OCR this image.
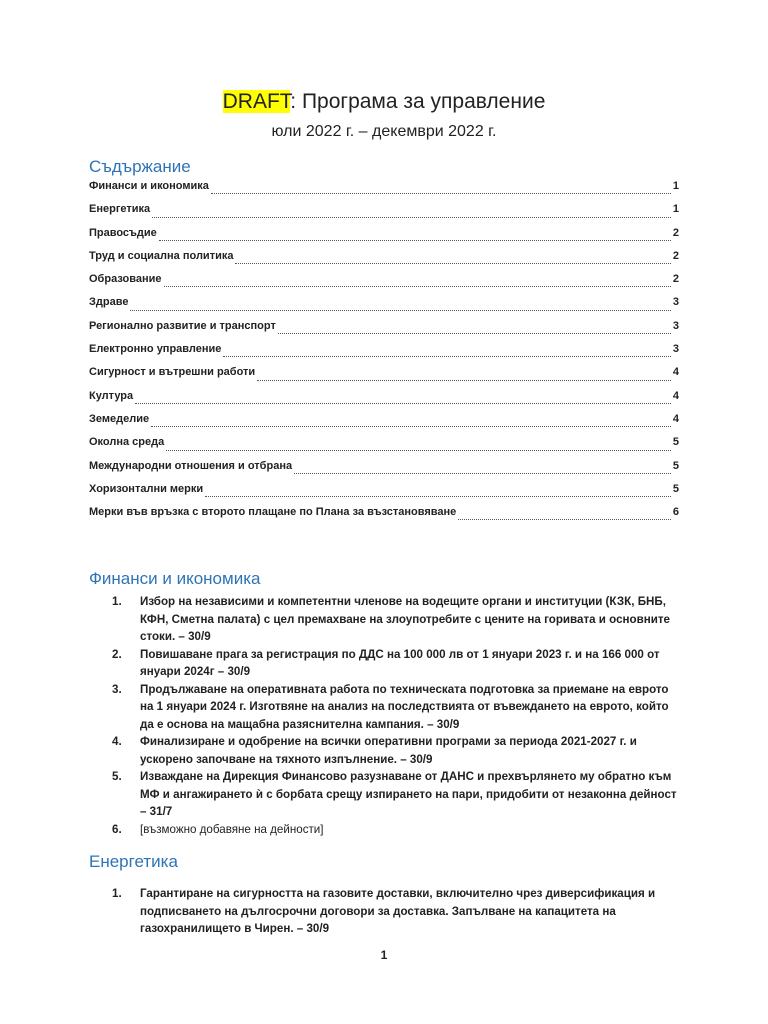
DRAFT: Програма за управление
юли 2022 г. – декември 2022 г.
Съдържание
Финанси и икономика	1
Енергетика	1
Правосъдие	2
Труд и социална политика	2
Образование	2
Здраве	3
Регионално развитие и транспорт	3
Електронно управление	3
Сигурност и вътрешни работи	4
Култура	4
Земеделие	4
Околна среда	5
Международни отношения и отбрана	5
Хоризонтални мерки	5
Мерки във връзка с второто плащане по Плана за възстановяване	6
Финанси и икономика
1. Избор на независими и компетентни членове на водещите органи и институции (КЗК, БНБ, КФН, Сметна палата) с цел премахване на злоупотребите с цените на горивата и основните стоки. – 30/9
2. Повишаване прага за регистрация по ДДС на 100 000 лв от 1 януари 2023 г. и на 166 000 от януари 2024г – 30/9
3. Продължаване на оперативната работа по техническата подготовка за приемане на еврото на 1 януари 2024 г. Изготвяне на анализ на последствията от въвеждането на еврото, който да е основа на мащабна разяснителна кампания. – 30/9
4. Финализиране и одобрение на всички оперативни програми за периода 2021-2027 г. и ускорено започване на тяхното изпълнение. – 30/9
5. Изваждане на Дирекция Финансово разузнаване от ДАНС и прехвърлянето му обратно към МФ и ангажирането ѝ с борбата срещу изпирането на пари, придобити от незаконна дейност – 31/7
6. [възможно добавяне на дейности]
Енергетика
1. Гарантиране на сигурността на газовите доставки, включително чрез диверсификация и подписването на дългосрочни договори за доставка. Запълване на капацитета на газохранилището в Чирен. – 30/9
1
